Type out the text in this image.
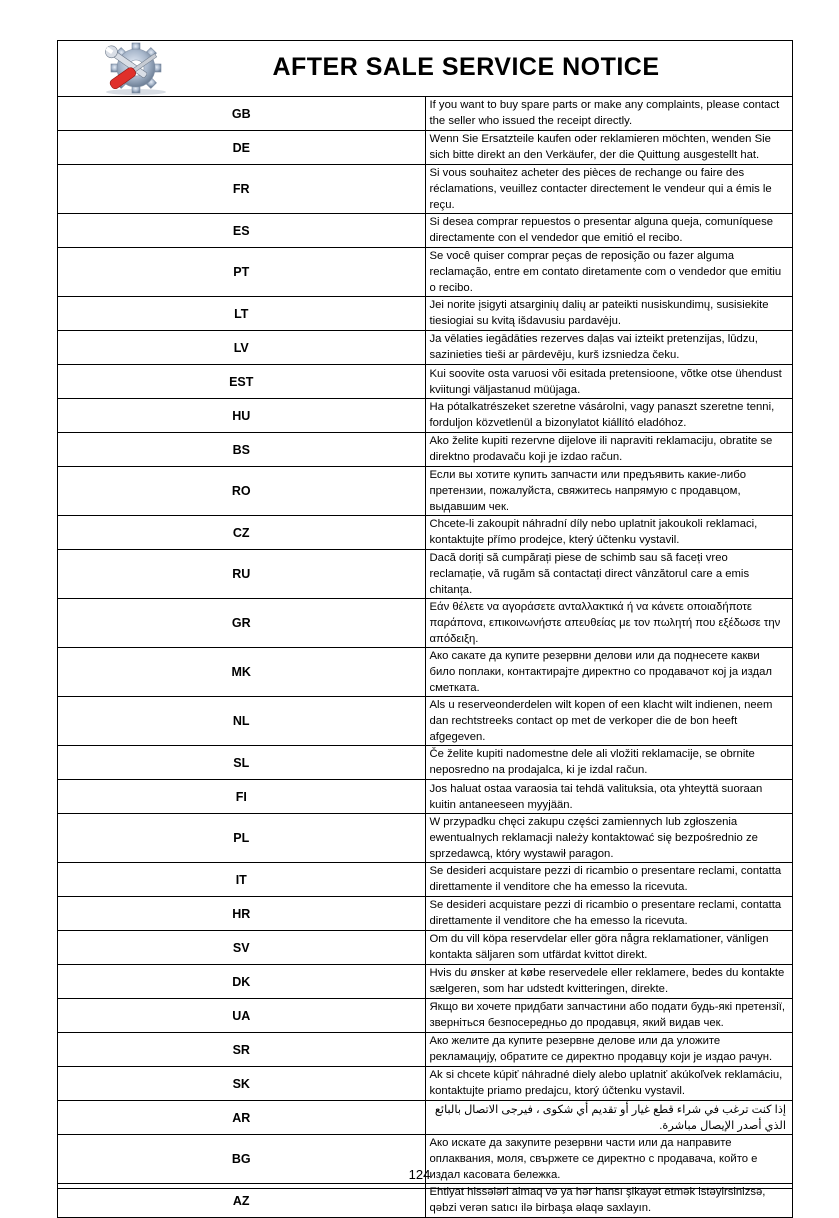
AFTER SALE SERVICE NOTICE	

GB	If you want to buy spare parts or make any complaints, please contact the seller who issued the receipt directly.
DE	Wenn Sie Ersatzteile kaufen oder reklamieren möchten, wenden Sie sich bitte direkt an den Verkäufer, der die Quittung ausgestellt hat.
FR	Si vous souhaitez acheter des pièces de rechange ou faire des réclamations, veuillez contacter directement le vendeur qui a émis le reçu.
ES	Si desea comprar repuestos o presentar alguna queja, comuníquese directamente con el vendedor que emitió el recibo.
PT	Se você quiser comprar peças de reposição ou fazer alguma reclamação, entre em contato diretamente com o vendedor que emitiu o recibo.
LT	Jei norite įsigyti atsarginių dalių ar pateikti nusiskundimų, susisiekite tiesiogiai su kvitą išdavusiu pardavėju.
LV	Ja vēlaties iegādāties rezerves daļas vai izteikt pretenzijas, lūdzu, sazinieties tieši ar pārdevēju, kurš izsniedza čeku.
EST	Kui soovite osta varuosi või esitada pretensioone, võtke otse ühendust kviitungi väljastanud müüjaga.
HU	Ha pótalkatrészeket szeretne vásárolni, vagy panaszt szeretne tenni, forduljon közvetlenül a bizonylatot kiállító eladóhoz.
BS	Ako želite kupiti rezervne dijelove ili napraviti reklamaciju, obratite se direktno prodavaču koji je izdao račun.
RO	Если вы хотите купить запчасти или предъявить какие-либо претензии, пожалуйста, свяжитесь напрямую с продавцом, выдавшим чек.
CZ	Chcete-li zakoupit náhradní díly nebo uplatnit jakoukoli reklamaci, kontaktujte přímo prodejce, který účtenku vystavil.
RU	Dacă doriți să cumpărați piese de schimb sau să faceți vreo reclamație, vă rugăm să contactați direct vânzătorul care a emis chitanța.
GR	Εάν θέλετε να αγοράσετε ανταλλακτικά ή να κάνετε οποιαδήποτε παράπονα, επικοινωνήστε απευθείας με τον πωλητή που εξέδωσε την απόδειξη.
MK	Ако сакате да купите резервни делови или да поднесете какви било поплаки, контактирајте директно со продавачот кој ја издал сметката.
NL	Als u reserveonderdelen wilt kopen of een klacht wilt indienen, neem dan rechtstreeks contact op met de verkoper die de bon heeft afgegeven.
SL	Če želite kupiti nadomestne dele ali vložiti reklamacije, se obrnite neposredno na prodajalca, ki je izdal račun.
FI	Jos haluat ostaa varaosia tai tehdä valituksia, ota yhteyttä suoraan kuitin antaneeseen myyjään.
PL	W przypadku chęci zakupu części zamiennych lub zgłoszenia ewentualnych reklamacji należy kontaktować się bezpośrednio ze sprzedawcą, który wystawił paragon.
IT	Se desideri acquistare pezzi di ricambio o presentare reclami, contatta direttamente il venditore che ha emesso la ricevuta.
HR	Se desideri acquistare pezzi di ricambio o presentare reclami, contatta direttamente il venditore che ha emesso la ricevuta.
SV	Om du vill köpa reservdelar eller göra några reklamationer, vänligen kontakta säljaren som utfärdat kvittot direkt.
DK	Hvis du ønsker at købe reservedele eller reklamere, bedes du kontakte sælgeren, som har udstedt kvitteringen, direkte.
UA	Якщо ви хочете придбати запчастини або подати будь-які претензії, зверніться безпосередньо до продавця, який видав чек.
SR	Ако желите да купите резервне делове или да уложите рекламацију, обратите се директно продавцу који је издао рачун.
SK	Ak si chcete kúpiť náhradné diely alebo uplatniť akúkoľvek reklamáciu, kontaktujte priamo predajcu, ktorý účtenku vystavil.
AR	إذا كنت ترغب في شراء قطع غيار أو تقديم أي شكوى ، فيرجى الاتصال بالبائع الذي أصدر الإيصال مباشرة.
BG	Ако искате да закупите резервни части или да направите оплаквания, моля, свържете се директно с продавача, който е издал касовата бележка.
AZ	Ehtiyat hissələri almaq və ya hər hansı şikayət etmək istəyirsinizsə, qəbzi verən satıcı ilə birbaşa əlaqə saxlayın.
124
